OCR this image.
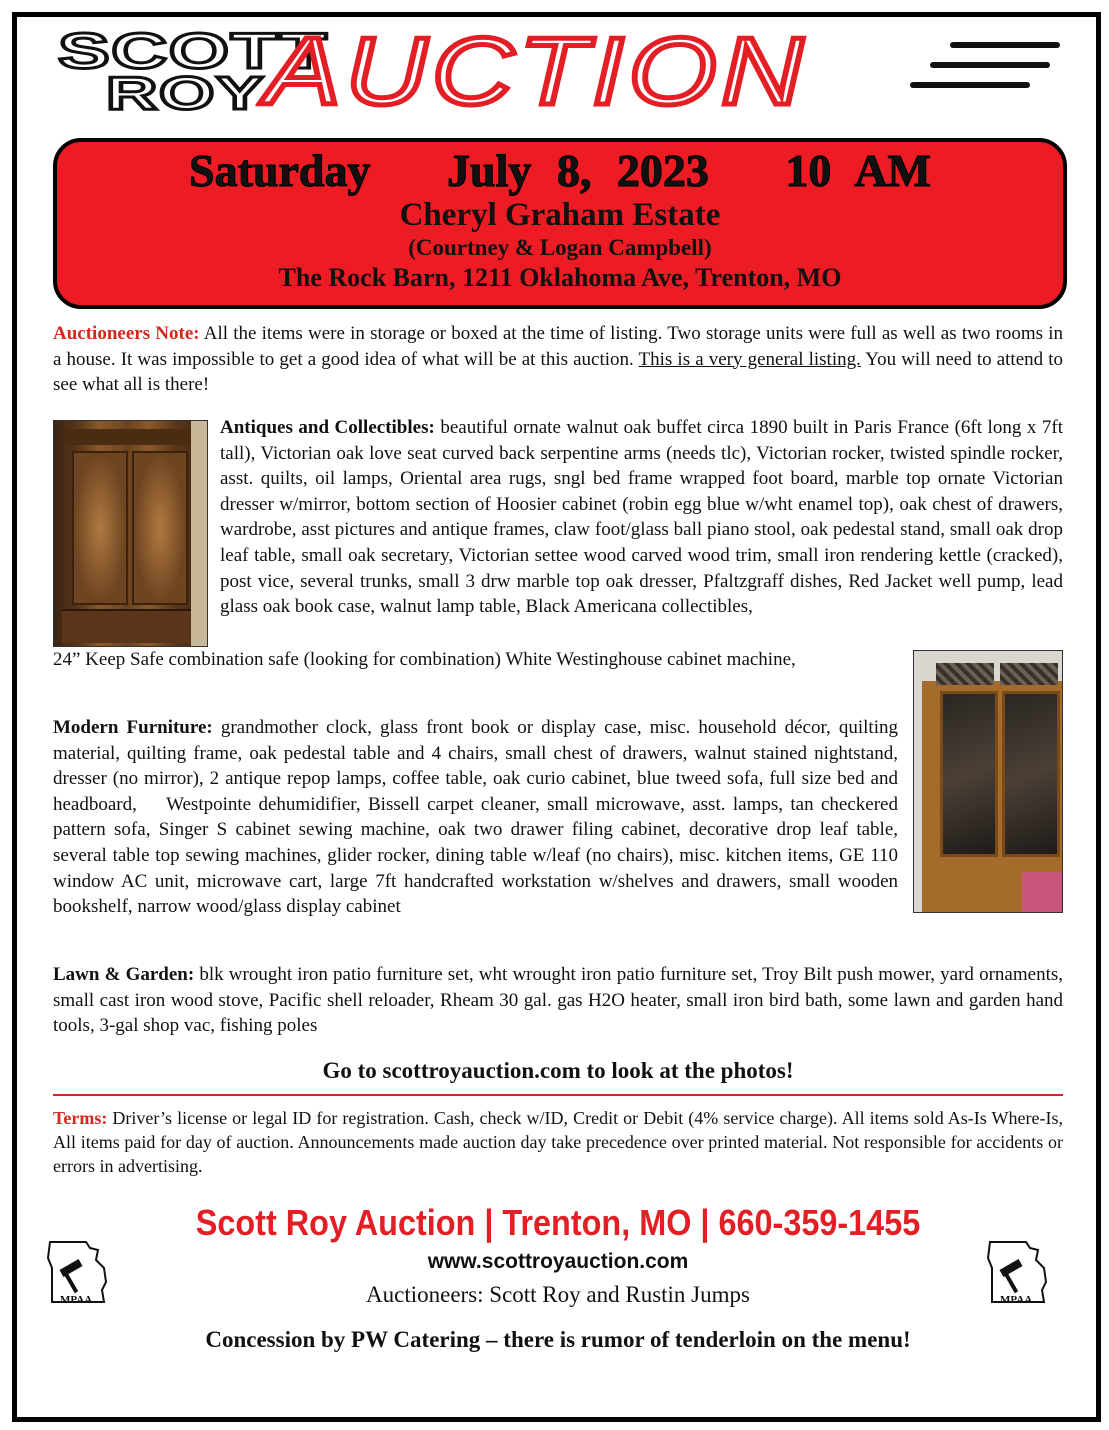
SCOTT
ROY AUCTION
Saturday   July 8, 2023   10 AM
Cheryl Graham Estate
(Courtney & Logan Campbell)
The Rock Barn, 1211 Oklahoma Ave, Trenton, MO
Auctioneers Note: All the items were in storage or boxed at the time of listing. Two storage units were full as well as two rooms in a house. It was impossible to get a good idea of what will be at this auction. This is a very general listing. You will need to attend to see what all is there!
Antiques and Collectibles: beautiful ornate walnut oak buffet circa 1890 built in Paris France (6ft long x 7ft tall), Victorian oak love seat curved back serpentine arms (needs tlc), Victorian rocker, twisted spindle rocker, asst. quilts, oil lamps, Oriental area rugs, sngl bed frame wrapped foot board, marble top ornate Victorian dresser w/mirror, bottom section of Hoosier cabinet (robin egg blue w/wht enamel top), oak chest of drawers, wardrobe, asst pictures and antique frames, claw foot/glass ball piano stool, oak pedestal stand, small oak drop leaf table, small oak secretary, Victorian settee wood carved wood trim, small iron rendering kettle (cracked), post vice, several trunks, small 3 drw marble top oak dresser, Pfaltzgraff dishes, Red Jacket well pump, lead glass oak book case, walnut lamp table, Black Americana collectibles,
24” Keep Safe combination safe (looking for combination) White Westinghouse cabinet machine,
Modern Furniture: grandmother clock, glass front book or display case, misc. household décor, quilting material, quilting frame, oak pedestal table and 4 chairs, small chest of drawers, walnut stained nightstand, dresser (no mirror), 2 antique repop lamps, coffee table, oak curio cabinet, blue tweed sofa, full size bed and headboard,    Westpointe dehumidifier, Bissell carpet cleaner, small microwave, asst. lamps, tan checkered pattern sofa, Singer S cabinet sewing machine, oak two drawer filing cabinet, decorative drop leaf table, several table top sewing machines, glider rocker, dining table w/leaf (no chairs), misc. kitchen items, GE 110 window AC unit, microwave cart, large 7ft handcrafted workstation w/shelves and drawers, small wooden bookshelf, narrow wood/glass display cabinet
Lawn & Garden: blk wrought iron patio furniture set, wht wrought iron patio furniture set, Troy Bilt push mower, yard ornaments, small cast iron wood stove, Pacific shell reloader, Rheam 30 gal. gas H2O heater, small iron bird bath, some lawn and garden hand tools, 3-gal shop vac, fishing poles
Go to scottroyauction.com to look at the photos!
Terms: Driver’s license or legal ID for registration. Cash, check w/ID, Credit or Debit (4% service charge). All items sold As-Is Where-Is, All items paid for day of auction. Announcements made auction day take precedence over printed material. Not responsible for accidents or errors in advertising.
Scott Roy Auction | Trenton, MO | 660-359-1455
www.scottroyauction.com
Auctioneers: Scott Roy and Rustin Jumps
Concession by PW Catering – there is rumor of tenderloin on the menu!
MPAA	MPAA
